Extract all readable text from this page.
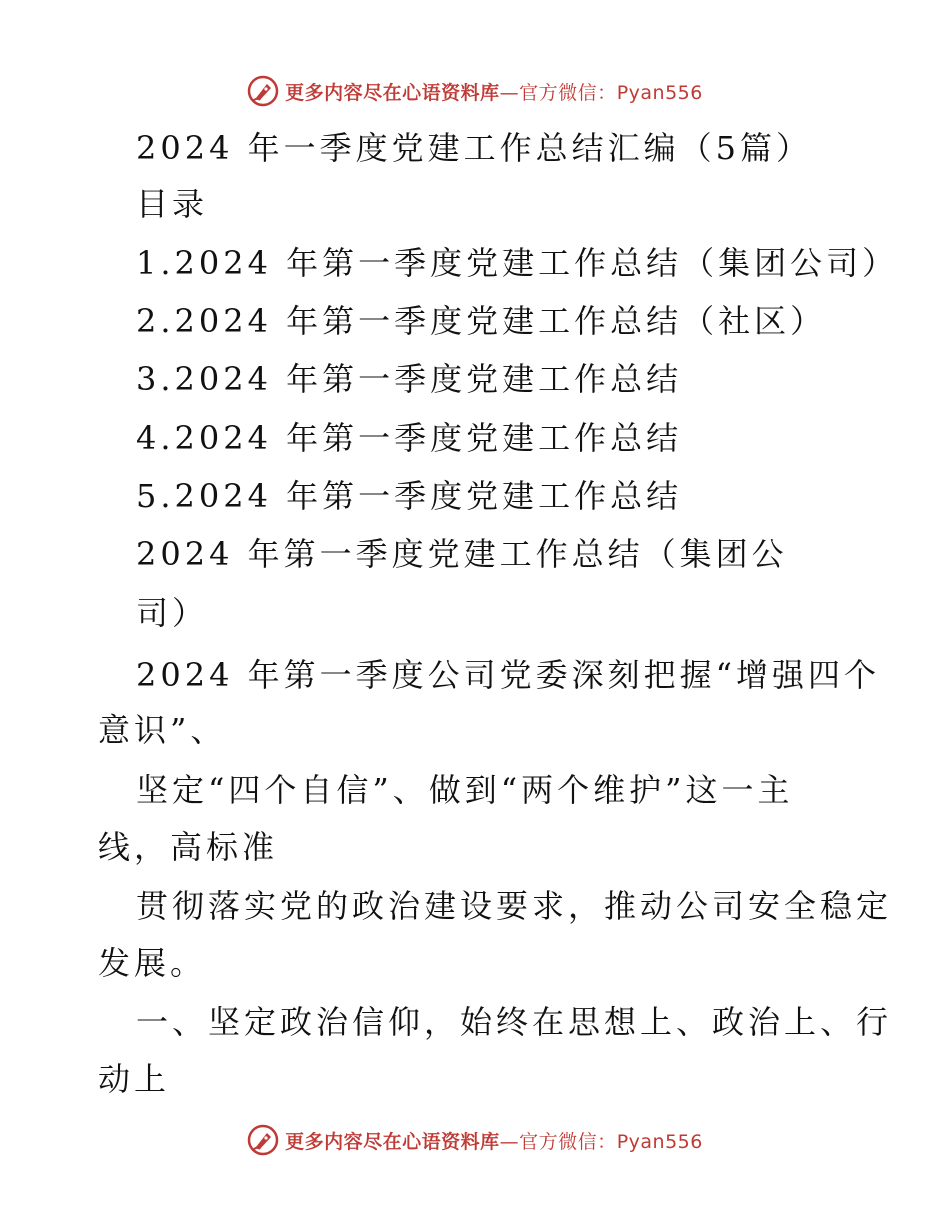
更多内容尽在心语资料库—官方微信：Pyan556
2024 年一季度党建工作总结汇编（5篇）
目录
1.2024 年第一季度党建工作总结（集团公司）
2.2024 年第一季度党建工作总结（社区）
3.2024 年第一季度党建工作总结
4.2024 年第一季度党建工作总结
5.2024 年第一季度党建工作总结
2024 年第一季度党建工作总结（集团公
司）
2024 年第一季度公司党委深刻把握“增强四个
意识”、
坚定“四个自信”、做到“两个维护”这一主
线，高标准
贯彻落实党的政治建设要求，推动公司安全稳定
发展。
一、坚定政治信仰，始终在思想上、政治上、行
动上
更多内容尽在心语资料库—官方微信：Pyan556
